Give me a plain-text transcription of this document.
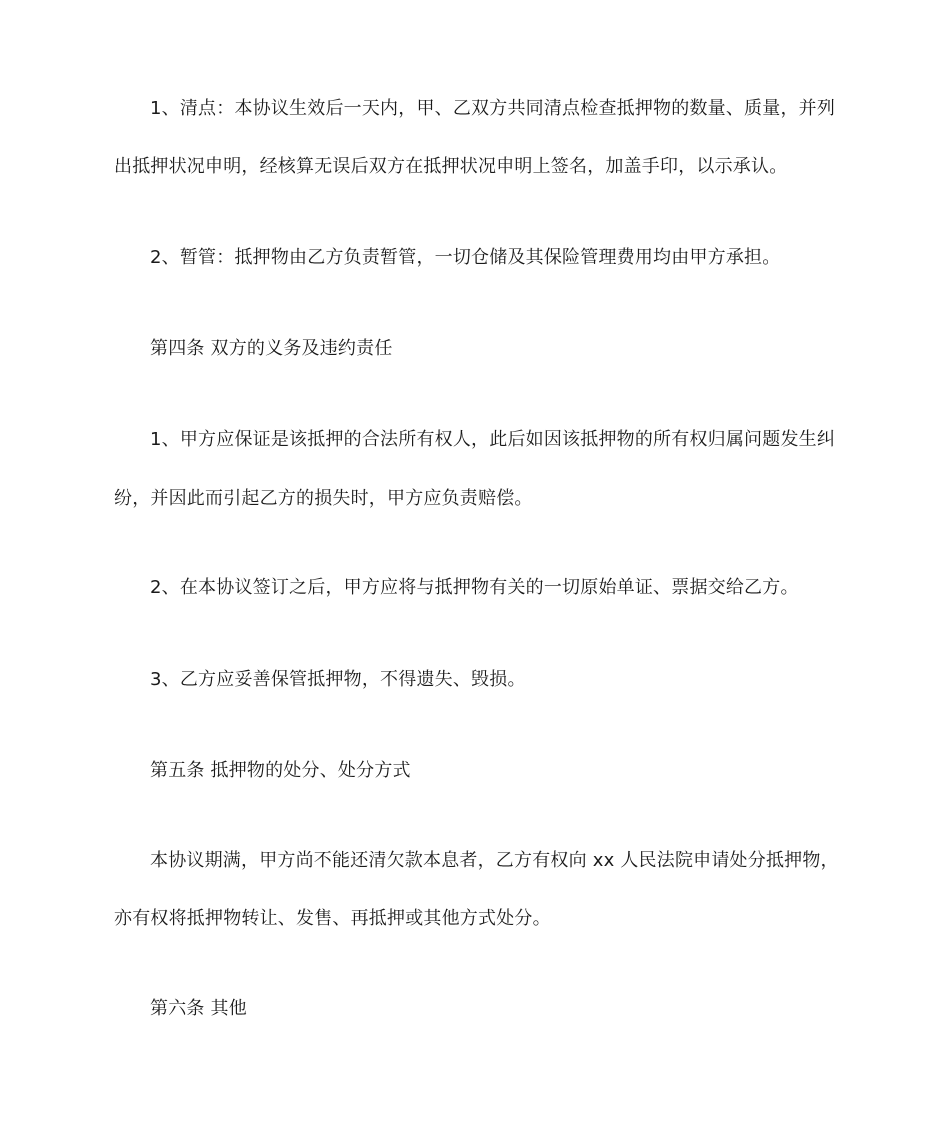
1、清点：本协议生效后一天内，甲、乙双方共同清点检查抵押物的数量、质量，并列
出抵押状况申明，经核算无误后双方在抵押状况申明上签名，加盖手印，以示承认。
2、暂管：抵押物由乙方负责暂管，一切仓储及其保险管理费用均由甲方承担。
第四条 双方的义务及违约责任
1、甲方应保证是该抵押的合法所有权人，此后如因该抵押物的所有权归属问题发生纠
纷，并因此而引起乙方的损失时，甲方应负责赔偿。
2、在本协议签订之后，甲方应将与抵押物有关的一切原始单证、票据交给乙方。
3、乙方应妥善保管抵押物，不得遗失、毁损。
第五条 抵押物的处分、处分方式
本协议期满，甲方尚不能还清欠款本息者，乙方有权向 xx 人民法院申请处分抵押物，
亦有权将抵押物转让、发售、再抵押或其他方式处分。
第六条 其他
